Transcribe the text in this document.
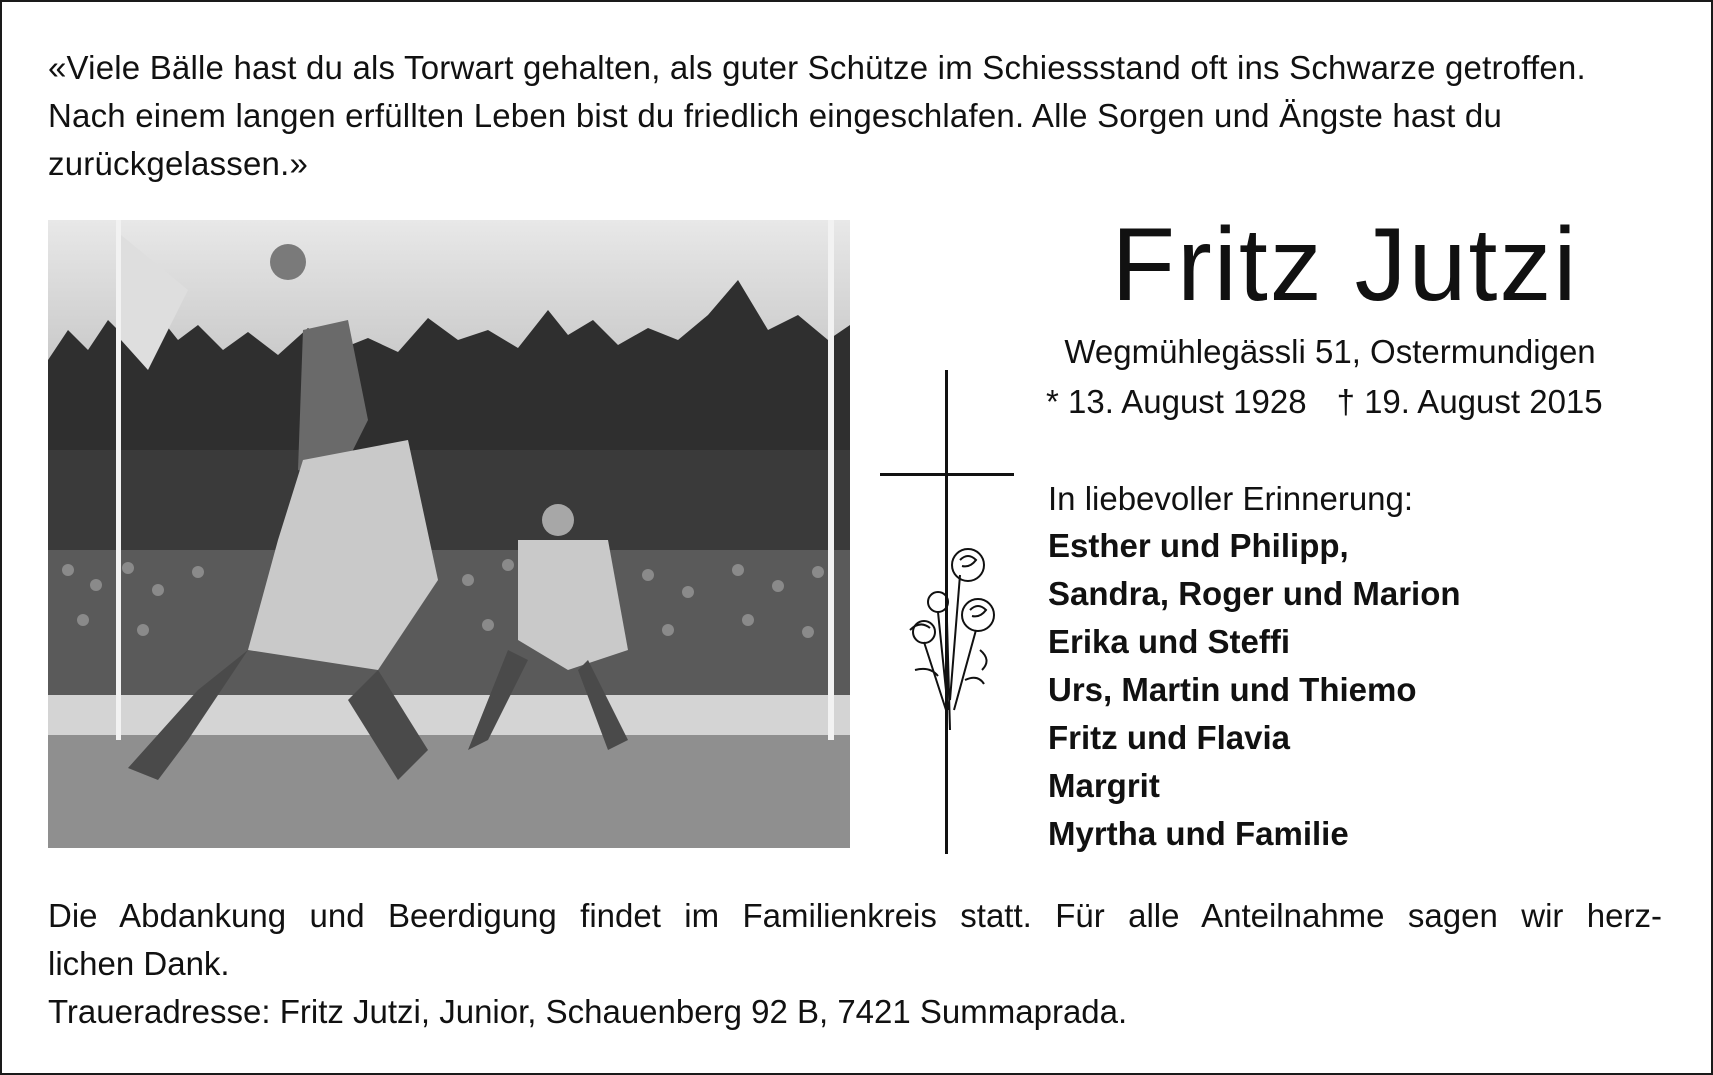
«Viele Bälle hast du als Torwart gehalten, als guter Schütze im Schiessstand oft ins Schwarze getroffen.
Nach einem langen erfüllten Leben bist du friedlich eingeschlafen. Alle Sorgen und Ängste hast du
zurückgelassen.»
Fritz Jutzi
Wegmühlegässli 51, Ostermundigen
* 13. August 1928 † 19. August 2015
In liebevoller Erinnerung:
Esther und Philipp,
Sandra, Roger und Marion
Erika und Steffi
Urs, Martin und Thiemo
Fritz und Flavia
Margrit
Myrtha und Familie
Die Abdankung und Beerdigung findet im Familienkreis statt. Für alle Anteilnahme sagen wir herz-
lichen Dank.
Traueradresse: Fritz Jutzi, Junior, Schauenberg 92 B, 7421 Summaprada.
